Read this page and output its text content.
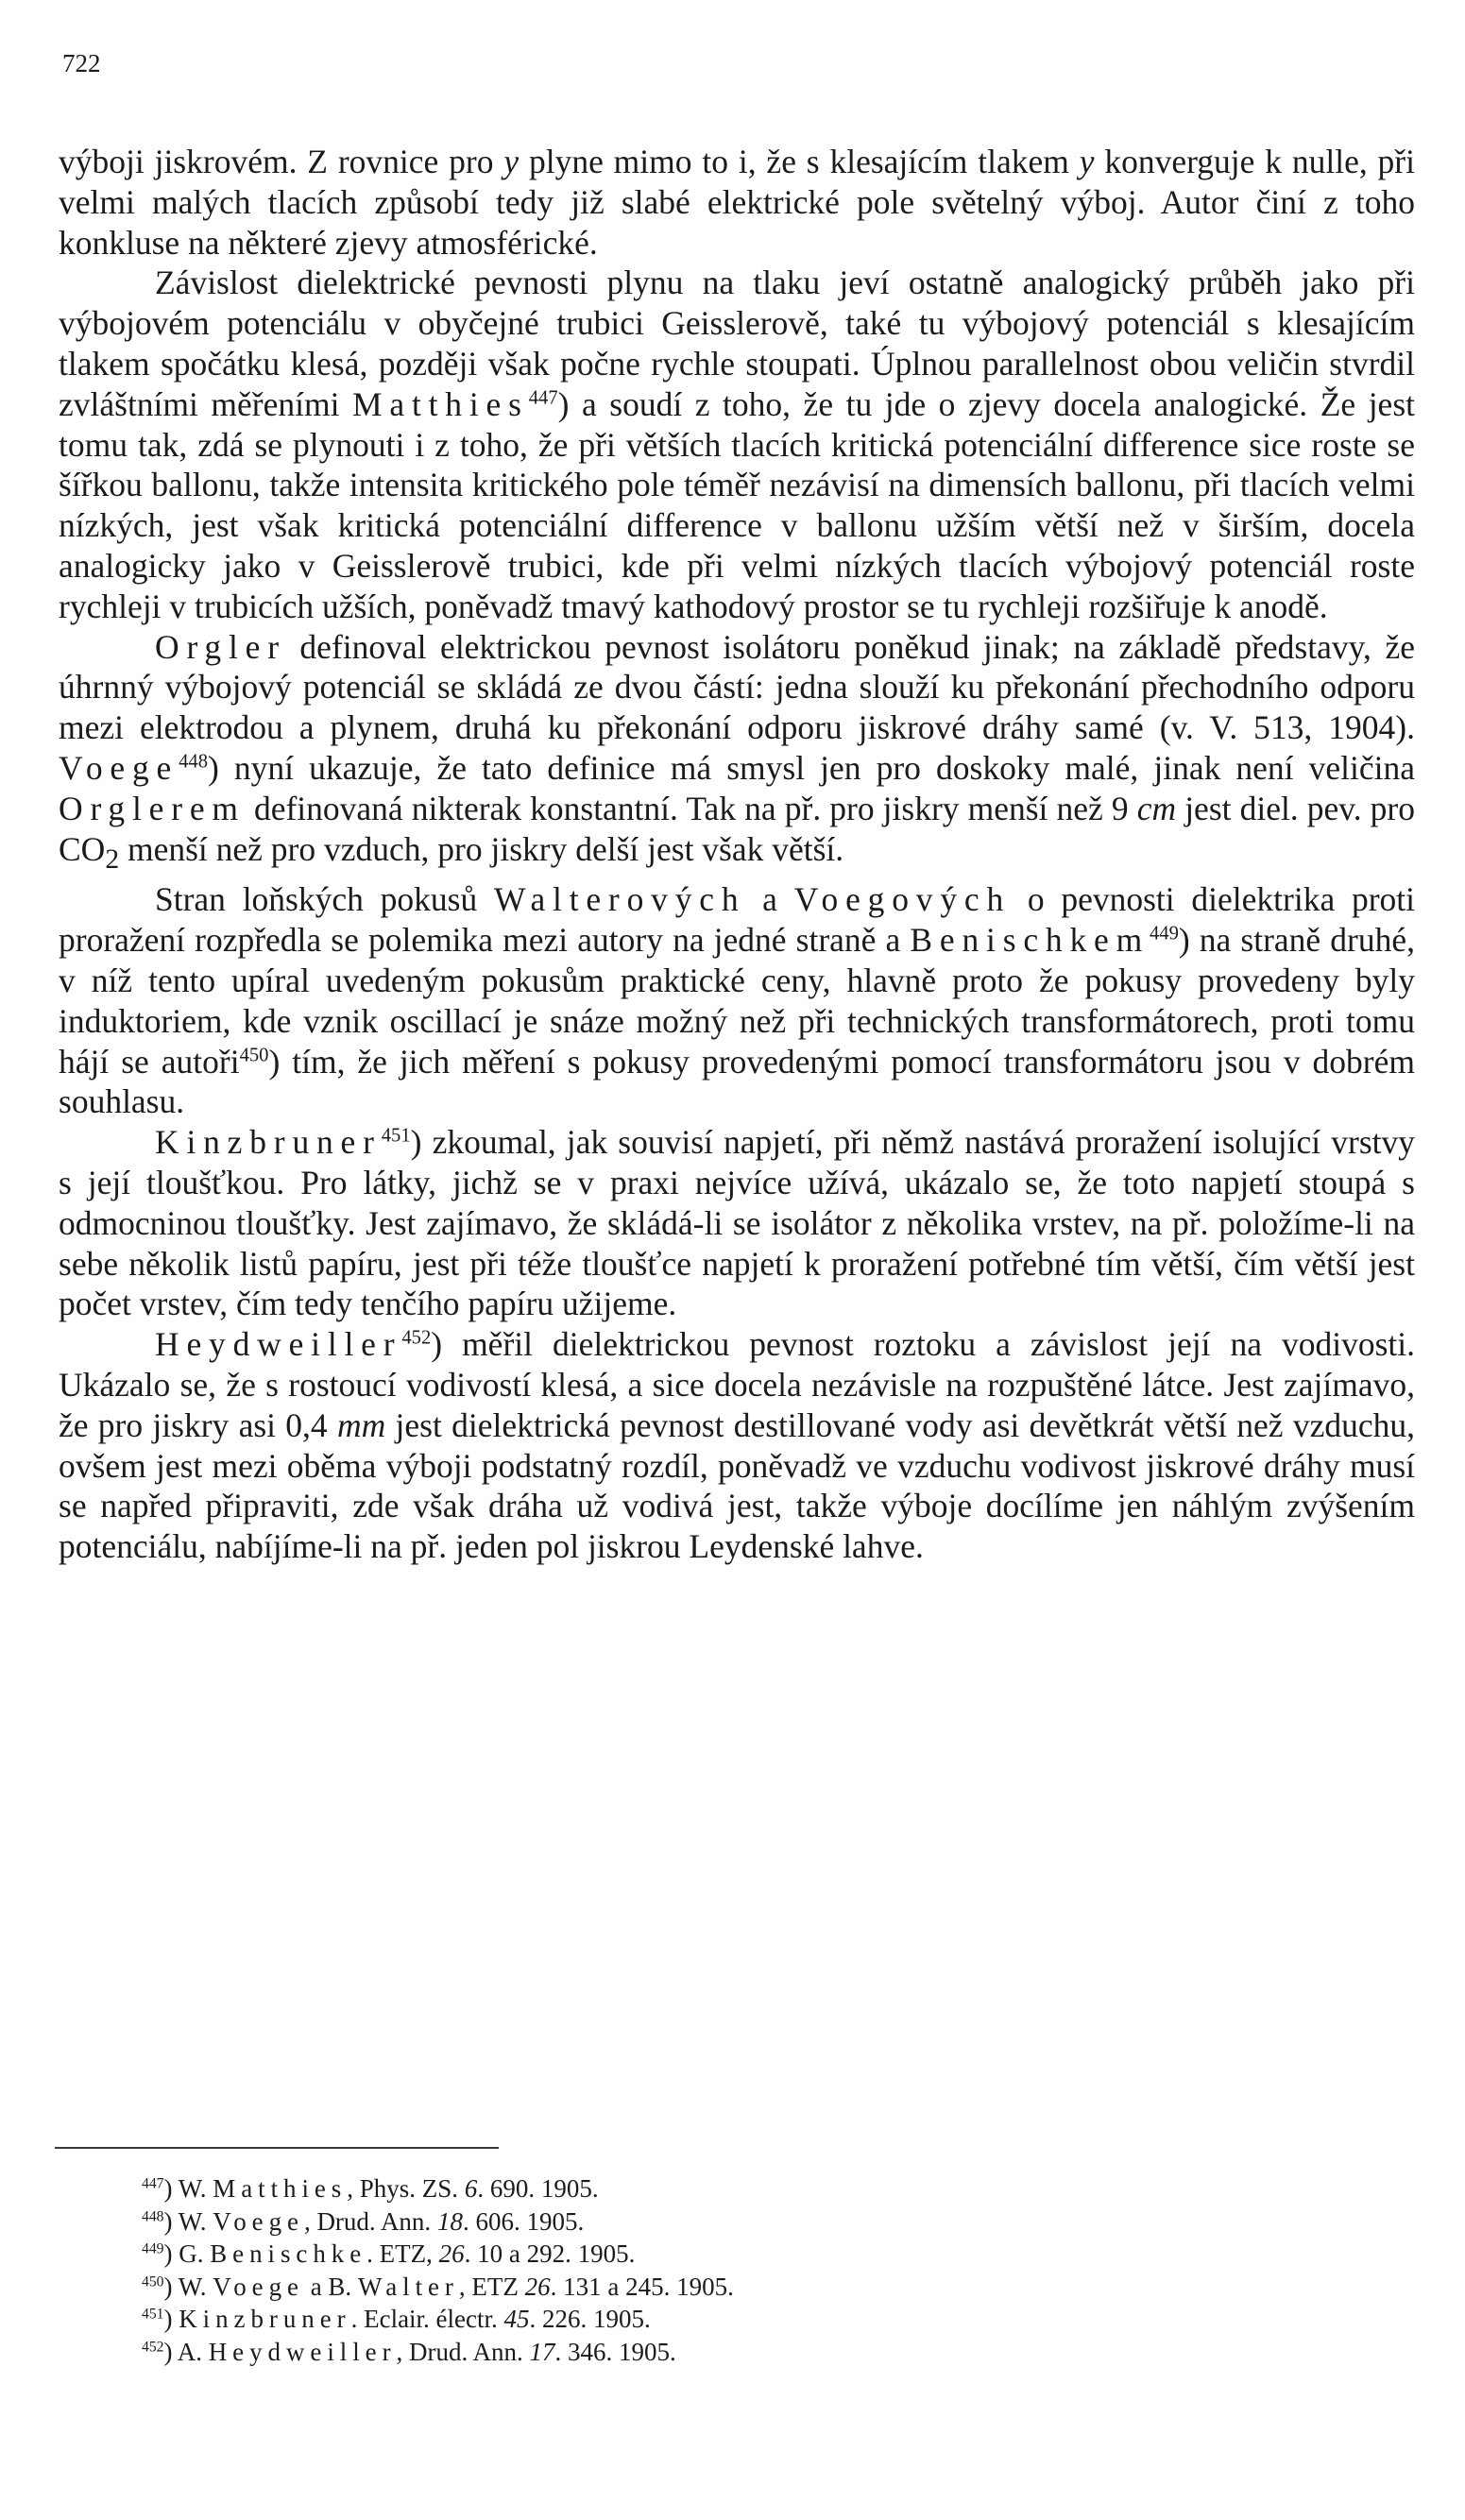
722

výboji jiskrovém. Z rovnice pro y plyne mimo to i, že s klesajícím tlakem y konverguje k nulle, při velmi malých tlacích způsobí tedy již slabé elektrické pole světelný výboj. Autor činí z toho konkluse na některé zjevy atmosférické.

Závislost dielektrické pevnosti plynu na tlaku jeví ostatně analogický průběh jako při výbojovém potenciálu v obyčejné trubici Geisslerově, také tu výbojový potenciál s klesajícím tlakem spočátku klesá, později však počne rychle stoupati. Úplnou parallelnost obou veličin stvrdil zvláštními měřeními Matthies$^{447}$) a soudí z toho, že tu jde o zjevy docela analogické. Že jest tomu tak, zdá se plynouti i z toho, že při větších tlacích kritická potenciální difference sice roste se šířkou ballonu, takže intensita kritického pole téměř nezávisí na dimensích ballonu, při tlacích velmi nízkých, jest však kritická potenciální difference v ballonu užším větší než v širším, docela analogicky jako v Geisslerově trubici, kde při velmi nízkých tlacích výbojový potenciál roste rychleji v trubicích užších, poněvadž tmavý kathodový prostor se tu rychleji rozšiřuje k anodě.

Orgler definoval elektrickou pevnost isolátoru poněkud jinak; na základě představy, že úhrnný výbojový potenciál se skládá ze dvou částí: jedna slouží ku překonání přechodního odporu mezi elektrodou a plynem, druhá ku překonání odporu jiskrové dráhy samé (v. V. 513, 1904). Voege$^{448}$) nyní ukazuje, že tato definice má smysl jen pro doskoky malé, jinak není veličina Orglerem definovaná nikterak konstantní. Tak na př. pro jiskry menší než 9 cm jest diel. pev. pro $CO_2$ menší než pro vzduch, pro jiskry delší jest však větší.

Stran loňských pokusů Walterových a Voegových o pevnosti dielektrika proti proražení rozpředla se polemika mezi autory na jedné straně a Benischkem$^{449}$) na straně druhé, v níž tento upíral uvedeným pokusům praktické ceny, hlavně proto že pokusy provedeny byly induktoriem, kde vznik oscillací je snáze možný než při technických transformátorech, proti tomu hájí se autoři$^{450}$) tím, že jich měření s pokusy provedenými pomocí transformátoru jsou v dobrém souhlasu.

Kinzbruner$^{451}$) zkoumal, jak souvisí napjetí, při němž nastává proražení isolující vrstvy s její tloušťkou. Pro látky, jichž se v praxi nejvíce užívá, ukázalo se, že toto napjetí stoupá s odmocninou tloušťky. Jest zajímavo, že skládá-li se isolátor z několika vrstev, na př. položíme-li na sebe několik listů papíru, jest při téže tloušťce napjetí k proražení potřebné tím větší, čím větší jest počet vrstev, čím tedy tenčího papíru užijeme.

Heydweiller$^{452}$) měřil dielektrickou pevnost roztoku a závislost její na vodivosti. Ukázalo se, že s rostoucí vodivostí klesá, a sice docela nezávisle na rozpuštěné látce. Jest zajímavo, že pro jiskry asi 0,4 mm jest dielektrická pevnost destillované vody asi devětkrát větší než vzduchu, ovšem jest mezi oběma výboji podstatný rozdíl, poněvadž ve vzduchu vodivost jiskrové dráhy musí se napřed připraviti, zde však dráha už vodivá jest, takže výboje docílíme jen náhlým zvýšením potenciálu, nabíjíme-li na př. jeden pol jiskrou Leydenské lahve.

$^{447}$) W. Matthies, Phys. ZS. 6. 690. 1905.

$^{448}$) W. Voege, Drud. Ann. 18. 606. 1905.

$^{449}$) G. Benischke. ETZ, 26. 10 a 292. 1905.

$^{450}$) W. Voege a B. Walter, ETZ 26. 131 a 245. 1905.

$^{451}$) Kinzbruner. Eclair. électr. 45. 226. 1905.

$^{452}$) A. Heydweiller, Drud. Ann. 17. 346. 1905.
